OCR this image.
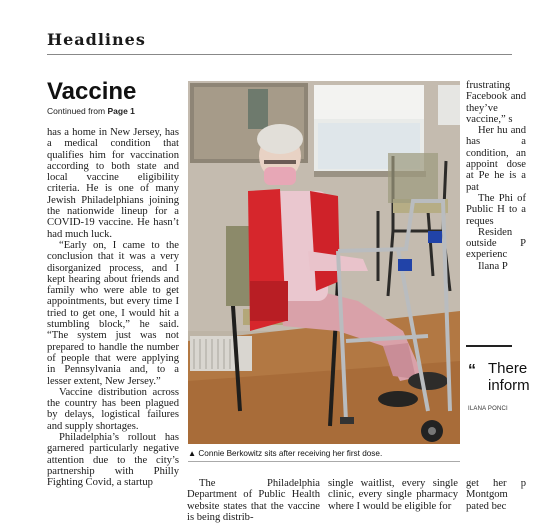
Headlines
Vaccine
Continued from Page 1

has a home in New Jersey, has a medical condition that qualifies him for vaccination according to both state and local vaccine eligibility criteria. He is one of many Jewish Philadelphians joining the nationwide lineup for a COVID-19 vaccine. He hasn’t had much luck.

“Early on, I came to the conclusion that it was a very disorganized process, and I kept hearing about friends and family who were able to get appointments, but every time I tried to get one, I would hit a stumbling block,” he said. “The system just was not prepared to handle the number of people that were applying in Pennsylvania and, to a lesser extent, New Jersey.”

Vaccine distribution across the country has been plagued by delays, logistical failures and supply shortages.

Philadelphia’s rollout has garnered particularly negative attention due to the city’s partnership with Philly Fighting Covid, a startup

▲ Connie Berkowitz sits after receiving her first dose.

The Philadelphia Department of Public Health website states that the vaccine is being distrib-

single waitlist, every single clinic, every single pharmacy where I would be eligible for

frustrating Facebook and they’ve vaccine,” s

Her hu and has a condition, an appoint dose at Pe he is a pat

The Phi of Public H to a reques

Residen outside P experienc

Ilana P

“ There
inform
ILANA PONCI

get her p Montgom pated bec
